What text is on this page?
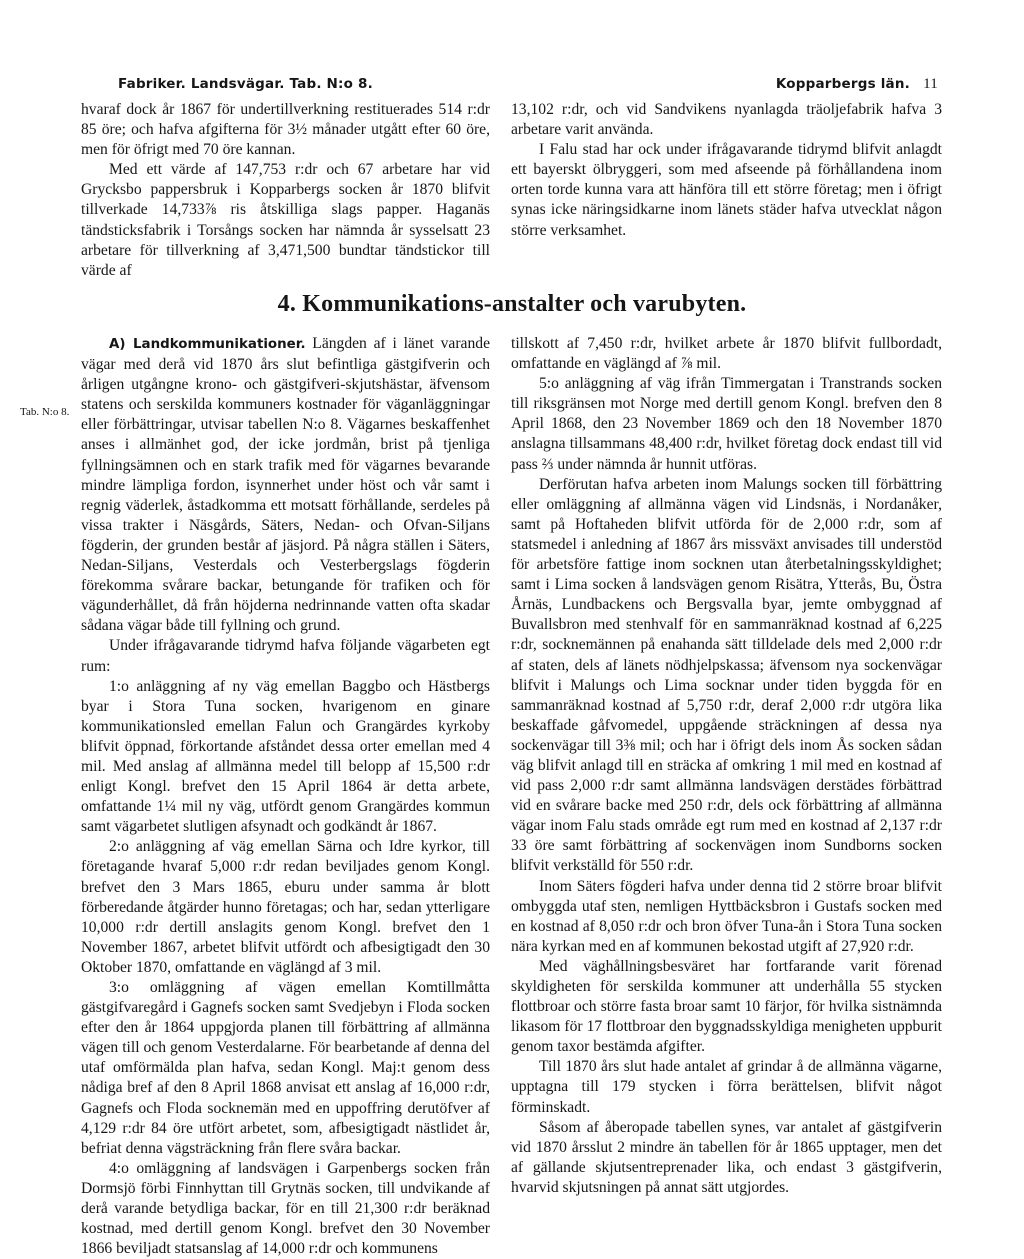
Fabriker. Landsvägar. Tab. N:o 8.	Kopparbergs län. 11

hvaraf dock år 1867 för undertillverkning restituerades 514 r:dr 85 öre; och hafva afgifterna för 3½ månader utgått efter 60 öre, men för öfrigt med 70 öre kannan.

Med ett värde af 147,753 r:dr och 67 arbetare har vid Grycksbo pappersbruk i Kopparbergs socken år 1870 blifvit tillverkade 14,733⅞ ris åtskilliga slags papper. Haganäs tändsticksfabrik i Torsångs socken har nämnda år sysselsatt 23 arbetare för tillverkning af 3,471,500 bundtar tändstickor till värde af

13,102 r:dr, och vid Sandvikens nyanlagda träoljefabrik hafva 3 arbetare varit använda.

I Falu stad har ock under ifrågavarande tidrymd blifvit anlagdt ett bayerskt ölbryggeri, som med afseende på förhållandena inom orten torde kunna vara att hänföra till ett större företag; men i öfrigt synas icke näringsidkarne inom länets städer hafva utvecklat någon större verksamhet.

4. Kommunikations-anstalter och varubyten.
Tab. N:o 8.

A) Landkommunikationer. Längden af i länet varande vägar med derå vid 1870 års slut befintliga gästgifverin och årligen utgångne krono- och gästgifveri-skjutshästar, äfvensom statens och serskilda kommuners kostnader för väganläggningar eller förbättringar, utvisar tabellen N:o 8. Vägarnes beskaffenhet anses i allmänhet god, der icke jordmån, brist på tjenliga fyllningsämnen och en stark trafik med för vägarnes bevarande mindre lämpliga fordon, isynnerhet under höst och vår samt i regnig väderlek, åstadkomma ett motsatt förhållande, serdeles på vissa trakter i Näsgårds, Säters, Nedan- och Ofvan-Siljans fögderin, der grunden består af jäsjord. På några ställen i Säters, Nedan-Siljans, Vesterdals och Vesterbergslags fögderin förekomma svårare backar, betungande för trafiken och för vägunderhållet, då från höjderna nedrinnande vatten ofta skadar sådana vägar både till fyllning och grund.

Under ifrågavarande tidrymd hafva följande vägarbeten egt rum:

1:o anläggning af ny väg emellan Baggbo och Hästbergs byar i Stora Tuna socken, hvarigenom en ginare kommunikationsled emellan Falun och Grangärdes kyrkoby blifvit öppnad, förkortande afståndet dessa orter emellan med 4 mil. Med anslag af allmänna medel till belopp af 15,500 r:dr enligt Kongl. brefvet den 15 April 1864 är detta arbete, omfattande 1¼ mil ny väg, utfördt genom Grangärdes kommun samt vägarbetet slutligen afsynadt och godkändt år 1867.

2:o anläggning af väg emellan Särna och Idre kyrkor, till företagande hvaraf 5,000 r:dr redan beviljades genom Kongl. brefvet den 3 Mars 1865, eburu under samma år blott förberedande åtgärder hunno företagas; och har, sedan ytterligare 10,000 r:dr dertill anslagits genom Kongl. brefvet den 1 November 1867, arbetet blifvit utfördt och afbesigtigadt den 30 Oktober 1870, omfattande en väglängd af 3 mil.

3:o omläggning af vägen emellan Komtillmåtta gästgifvaregård i Gagnefs socken samt Svedjebyn i Floda socken efter den år 1864 uppgjorda planen till förbättring af allmänna vägen till och genom Vesterdalarne. För bearbetande af denna del utaf omförmälda plan hafva, sedan Kongl. Maj:t genom dess nådiga bref af den 8 April 1868 anvisat ett anslag af 16,000 r:dr, Gagnefs och Floda socknemän med en uppoffring derutöfver af 4,129 r:dr 84 öre utfört arbetet, som, afbesigtigadt nästlidet år, befriat denna vägsträckning från flere svåra backar.

4:o omläggning af landsvägen i Garpenbergs socken från Dormsjö förbi Finnhyttan till Grytnäs socken, till undvikande af derå varande betydliga backar, för en till 21,300 r:dr beräknad kostnad, med dertill genom Kongl. brefvet den 30 November 1866 beviljadt statsanslag af 14,000 r:dr och kommunens

tillskott af 7,450 r:dr, hvilket arbete år 1870 blifvit fullbordadt, omfattande en väglängd af ⅞ mil.

5:o anläggning af väg ifrån Timmergatan i Transtrands socken till riksgränsen mot Norge med dertill genom Kongl. brefven den 8 April 1868, den 23 November 1869 och den 18 November 1870 anslagna tillsammans 48,400 r:dr, hvilket företag dock endast till vid pass ⅔ under nämnda år hunnit utföras.

Derförutan hafva arbeten inom Malungs socken till förbättring eller omläggning af allmänna vägen vid Lindsnäs, i Nordanåker, samt på Hoftaheden blifvit utförda för de 2,000 r:dr, som af statsmedel i anledning af 1867 års missväxt anvisades till understöd för arbetsföre fattige inom socknen utan återbetalningsskyldighet; samt i Lima socken å landsvägen genom Risätra, Ytterås, Bu, Östra Årnäs, Lundbackens och Bergsvalla byar, jemte ombyggnad af Buvallsbron med stenhvalf för en sammanräknad kostnad af 6,225 r:dr, socknemännen på enahanda sätt tilldelade dels med 2,000 r:dr af staten, dels af länets nödhjelpskassa; äfvensom nya sockenvägar blifvit i Malungs och Lima socknar under tiden byggda för en sammanräknad kostnad af 5,750 r:dr, deraf 2,000 r:dr utgöra lika beskaffade gåfvomedel, uppgående sträckningen af dessa nya sockenvägar till 3⅜ mil; och har i öfrigt dels inom Ås socken sådan väg blifvit anlagd till en sträcka af omkring 1 mil med en kostnad af vid pass 2,000 r:dr samt allmänna landsvägen derstädes förbättrad vid en svårare backe med 250 r:dr, dels ock förbättring af allmänna vägar inom Falu stads område egt rum med en kostnad af 2,137 r:dr 33 öre samt förbättring af sockenvägen inom Sundborns socken blifvit verkställd för 550 r:dr.

Inom Säters fögderi hafva under denna tid 2 större broar blifvit ombyggda utaf sten, nemligen Hyttbäcksbron i Gustafs socken med en kostnad af 8,050 r:dr och bron öfver Tuna-ån i Stora Tuna socken nära kyrkan med en af kommunen bekostad utgift af 27,920 r:dr.

Med väghållningsbesväret har fortfarande varit förenad skyldigheten för serskilda kommuner att underhålla 55 stycken flottbroar och större fasta broar samt 10 färjor, för hvilka sistnämnda likasom för 17 flottbroar den byggnadsskyldiga menigheten uppburit genom taxor bestämda afgifter.

Till 1870 års slut hade antalet af grindar å de allmänna vägarne, upptagna till 179 stycken i förra berättelsen, blifvit något förminskadt.

Såsom af åberopade tabellen synes, var antalet af gästgifverin vid 1870 årsslut 2 mindre än tabellen för år 1865 upptager, men det af gällande skjutsentreprenader lika, och endast 3 gästgifverin, hvarvid skjutsningen på annat sätt utgjordes.
